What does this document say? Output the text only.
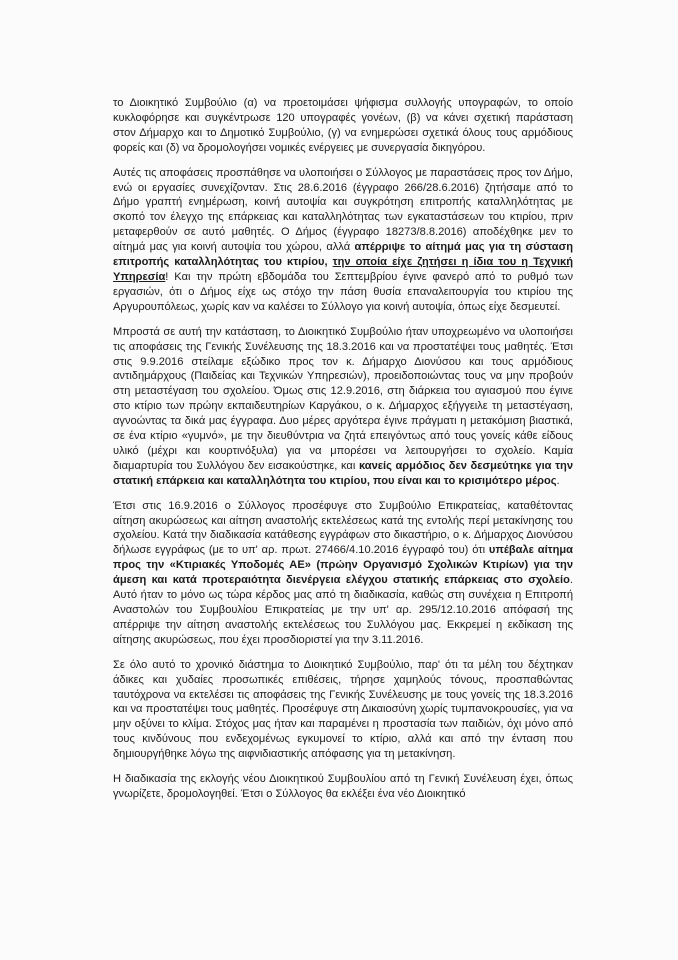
το Διοικητικό Συμβούλιο (α) να προετοιμάσει ψήφισμα συλλογής υπογραφών, το οποίο κυκλοφόρησε και συγκέντρωσε 120 υπογραφές γονέων, (β) να κάνει σχετική παράσταση στον Δήμαρχο και το Δημοτικό Συμβούλιο, (γ) να ενημερώσει σχετικά όλους τους αρμόδιους φορείς και (δ) να δρομολογήσει νομικές ενέργειες με συνεργασία δικηγόρου.

Αυτές τις αποφάσεις προσπάθησε να υλοποιήσει ο Σύλλογος με παραστάσεις προς τον Δήμο, ενώ οι εργασίες συνεχίζονταν. Στις 28.6.2016 (έγγραφο 266/28.6.2016) ζητήσαμε από το Δήμο γραπτή ενημέρωση, κοινή αυτοψία και συγκρότηση επιτροπής καταλληλότητας με σκοπό τον έλεγχο της επάρκειας και καταλληλότητας των εγκαταστάσεων του κτιρίου, πριν μεταφερθούν σε αυτό μαθητές. Ο Δήμος (έγγραφο 18273/8.8.2016) αποδέχθηκε μεν το αίτημά μας για κοινή αυτοψία του χώρου, αλλά απέρριψε το αίτημά μας για τη σύσταση επιτροπής καταλληλότητας του κτιρίου, την οποία είχε ζητήσει η ίδια του η Τεχνική Υπηρεσία! Και την πρώτη εβδομάδα του Σεπτεμβρίου έγινε φανερό από το ρυθμό των εργασιών, ότι ο Δήμος είχε ως στόχο την πάση θυσία επαναλειτουργία του κτιρίου της Αργυρουπόλεως, χωρίς καν να καλέσει το Σύλλογο για κοινή αυτοψία, όπως είχε δεσμευτεί.

Μπροστά σε αυτή την κατάσταση, το Διοικητικό Συμβούλιο ήταν υποχρεωμένο να υλοποιήσει τις αποφάσεις της Γενικής Συνέλευσης της 18.3.2016 και να προστατέψει τους μαθητές. Έτσι στις 9.9.2016 στείλαμε εξώδικο προς τον κ. Δήμαρχο Διονύσου και τους αρμόδιους αντιδημάρχους (Παιδείας και Τεχνικών Υπηρεσιών), προειδοποιώντας τους να μην προβούν στη μεταστέγαση του σχολείου. Όμως στις 12.9.2016, στη διάρκεια του αγιασμού που έγινε στο κτίριο των πρώην εκπαιδευτηρίων Καργάκου, ο κ. Δήμαρχος εξήγγειλε τη μεταστέγαση, αγνοώντας τα δικά μας έγγραφα. Δυο μέρες αργότερα έγινε πράγματι η μετακόμιση βιαστικά, σε ένα κτίριο «γυμνό», με την διευθύντρια να ζητά επειγόντως από τους γονείς κάθε είδους υλικό (μέχρι και κουρτινόξυλα) για να μπορέσει να λειτουργήσει το σχολείο. Καμία διαμαρτυρία του Συλλόγου δεν εισακούστηκε, και κανείς αρμόδιος δεν δεσμεύτηκε για την στατική επάρκεια και καταλληλότητα του κτιρίου, που είναι και το κρισιμότερο μέρος.

Έτσι στις 16.9.2016 ο Σύλλογος προσέφυγε στο Συμβούλιο Επικρατείας, καταθέτοντας αίτηση ακυρώσεως και αίτηση αναστολής εκτελέσεως κατά της εντολής περί μετακίνησης του σχολείου. Κατά την διαδικασία κατάθεσης εγγράφων στο δικαστήριο, ο κ. Δήμαρχος Διονύσου δήλωσε εγγράφως (με το υπ' αρ. πρωτ. 27466/4.10.2016 έγγραφό του) ότι υπέβαλε αίτημα προς την «Κτιριακές Υποδομές ΑΕ» (πρώην Οργανισμό Σχολικών Κτιρίων) για την άμεση και κατά προτεραιότητα διενέργεια ελέγχου στατικής επάρκειας στο σχολείο. Αυτό ήταν το μόνο ως τώρα κέρδος μας από τη διαδικασία, καθώς στη συνέχεια η Επιτροπή Αναστολών του Συμβουλίου Επικρατείας με την υπ' αρ. 295/12.10.2016 απόφασή της απέρριψε την αίτηση αναστολής εκτελέσεως του Συλλόγου μας. Εκκρεμεί η εκδίκαση της αίτησης ακυρώσεως, που έχει προσδιοριστεί για την 3.11.2016.

Σε όλο αυτό το χρονικό διάστημα το Διοικητικό Συμβούλιο, παρ' ότι τα μέλη του δέχτηκαν άδικες και χυδαίες προσωπικές επιθέσεις, τήρησε χαμηλούς τόνους, προσπαθώντας ταυτόχρονα να εκτελέσει τις αποφάσεις της Γενικής Συνέλευσης με τους γονείς της 18.3.2016 και να προστατέψει τους μαθητές. Προσέφυγε στη Δικαιοσύνη χωρίς τυμπανοκρουσίες, για να μην οξύνει το κλίμα. Στόχος μας ήταν και παραμένει η προστασία των παιδιών, όχι μόνο από τους κινδύνους που ενδεχομένως εγκυμονεί το κτίριο, αλλά και από την ένταση που δημιουργήθηκε λόγω της αιφνιδιαστικής απόφασης για τη μετακίνηση.

Η διαδικασία της εκλογής νέου Διοικητικού Συμβουλίου από τη Γενική Συνέλευση έχει, όπως γνωρίζετε, δρομολογηθεί. Έτσι ο Σύλλογος θα εκλέξει ένα νέο Διοικητικό
